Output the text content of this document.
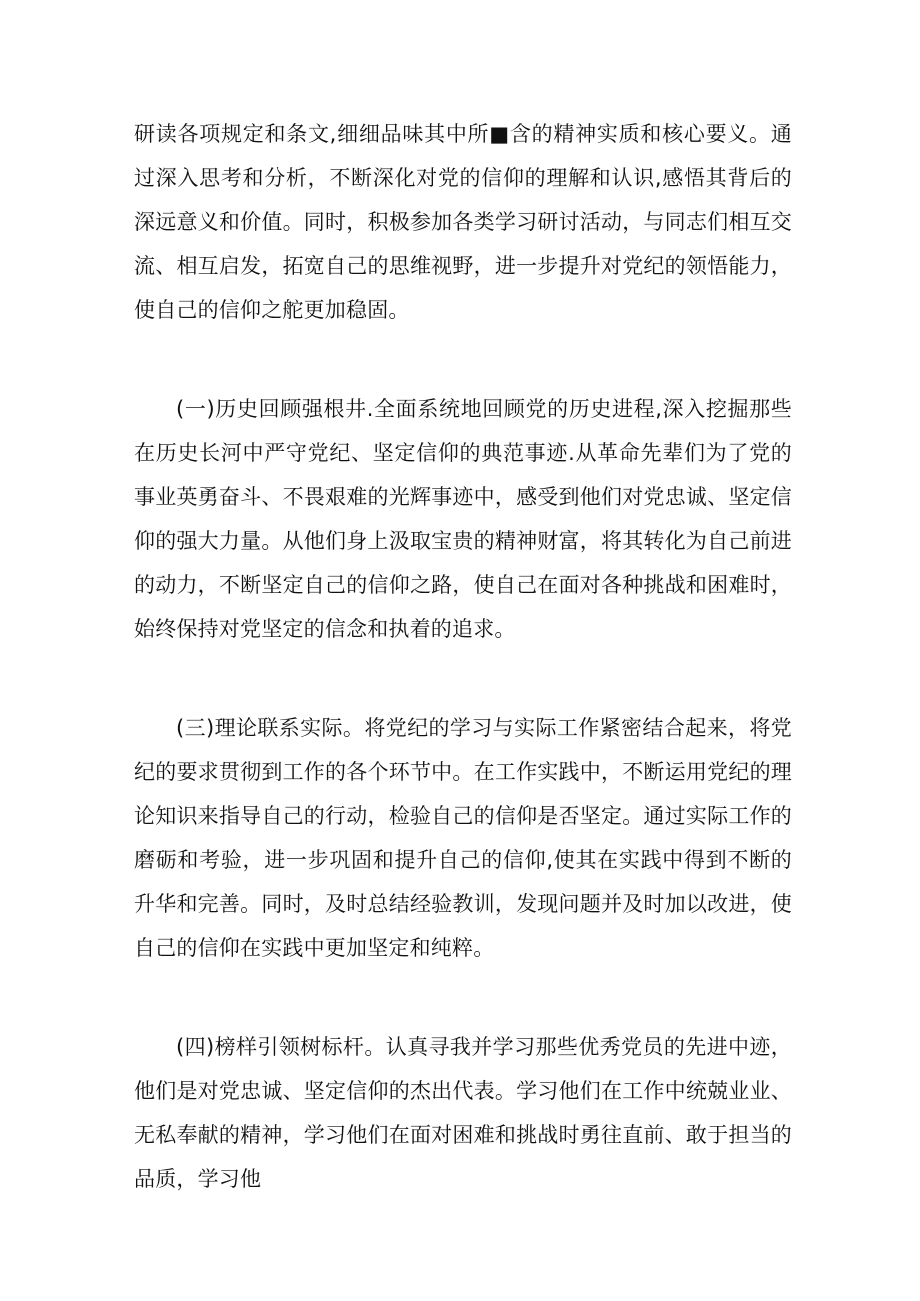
研读各项规定和条文,细细品味其中所■含的精神实质和核心要义。通过深入思考和分析，不断深化对党的信仰的理解和认识,感悟其背后的深远意义和价值。同时，积极参加各类学习研讨活动，与同志们相互交流、相互启发，拓宽自己的思维视野，进一步提升对党纪的领悟能力，使自己的信仰之舵更加稳固。

(一)历史回顾强根井.全面系统地回顾党的历史进程,深入挖掘那些在历史长河中严守党纪、坚定信仰的典范事迹.从革命先辈们为了党的事业英勇奋斗、不畏艰难的光辉事迹中，感受到他们对党忠诚、坚定信仰的强大力量。从他们身上汲取宝贵的精神财富，将其转化为自己前进的动力，不断坚定自己的信仰之路，使自己在面对各种挑战和困难时，始终保持对党坚定的信念和执着的追求。

(三)理论联系实际。将党纪的学习与实际工作紧密结合起来，将党纪的要求贯彻到工作的各个环节中。在工作实践中，不断运用党纪的理论知识来指导自己的行动，检验自己的信仰是否坚定。通过实际工作的磨砺和考验，进一步巩固和提升自己的信仰,使其在实践中得到不断的升华和完善。同时，及时总结经验教训，发现问题并及时加以改进，使自己的信仰在实践中更加坚定和纯粹。

(四)榜样引领树标杆。认真寻我并学习那些优秀党员的先进中迹，他们是对党忠诚、坚定信仰的杰出代表。学习他们在工作中统兢业业、无私奉献的精神，学习他们在面对困难和挑战时勇往直前、敢于担当的品质，学习他
